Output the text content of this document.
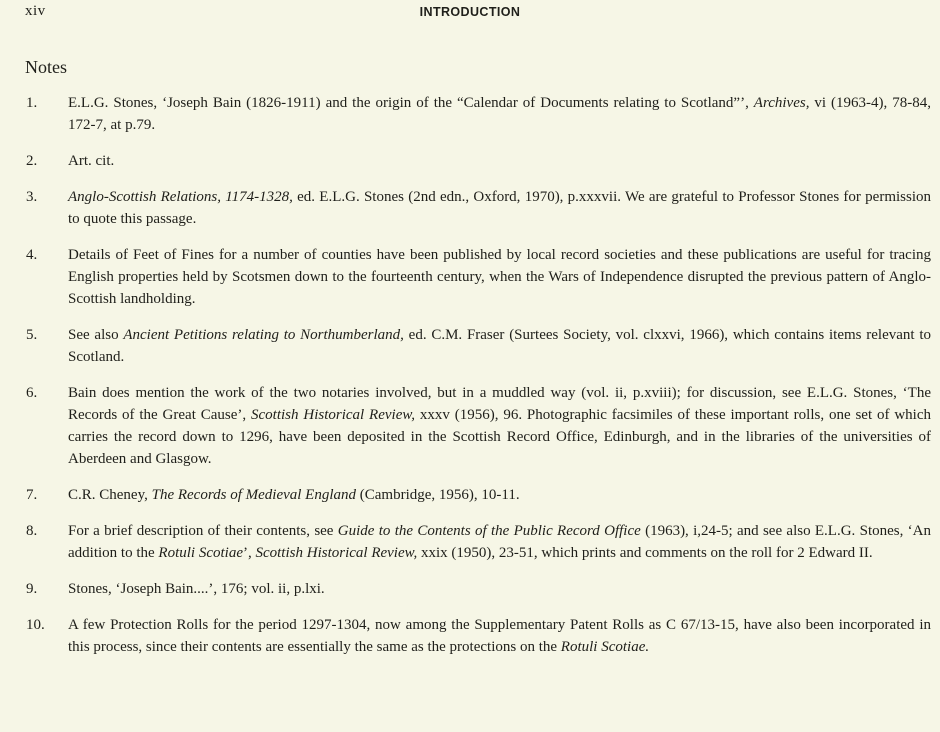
xiv	INTRODUCTION
Notes
1. E.L.G. Stones, ‘Joseph Bain (1826-1911) and the origin of the “Calendar of Documents relating to Scotland”’, Archives, vi (1963-4), 78-84, 172-7, at p.79.
2. Art. cit.
3. Anglo-Scottish Relations, 1174-1328, ed. E.L.G. Stones (2nd edn., Oxford, 1970), p.xxxvii. We are grateful to Professor Stones for permission to quote this passage.
4. Details of Feet of Fines for a number of counties have been published by local record societies and these publications are useful for tracing English properties held by Scotsmen down to the fourteenth century, when the Wars of Independence disrupted the previous pattern of Anglo-Scottish landholding.
5. See also Ancient Petitions relating to Northumberland, ed. C.M. Fraser (Surtees Society, vol. clxxvi, 1966), which contains items relevant to Scotland.
6. Bain does mention the work of the two notaries involved, but in a muddled way (vol. ii, p.xviii); for discussion, see E.L.G. Stones, ‘The Records of the Great Cause’, Scottish Historical Review, xxxv (1956), 96. Photographic facsimiles of these important rolls, one set of which carries the record down to 1296, have been deposited in the Scottish Record Office, Edinburgh, and in the libraries of the universities of Aberdeen and Glasgow.
7. C.R. Cheney, The Records of Medieval England (Cambridge, 1956), 10-11.
8. For a brief description of their contents, see Guide to the Contents of the Public Record Office (1963), i,24-5; and see also E.L.G. Stones, ‘An addition to the Rotuli Scotiae’, Scottish Historical Review, xxix (1950), 23-51, which prints and comments on the roll for 2 Edward II.
9. Stones, ‘Joseph Bain....’, 176; vol. ii, p.lxi.
10. A few Protection Rolls for the period 1297-1304, now among the Supplementary Patent Rolls as C 67/13-15, have also been incorporated in this process, since their contents are essentially the same as the protections on the Rotuli Scotiae.
